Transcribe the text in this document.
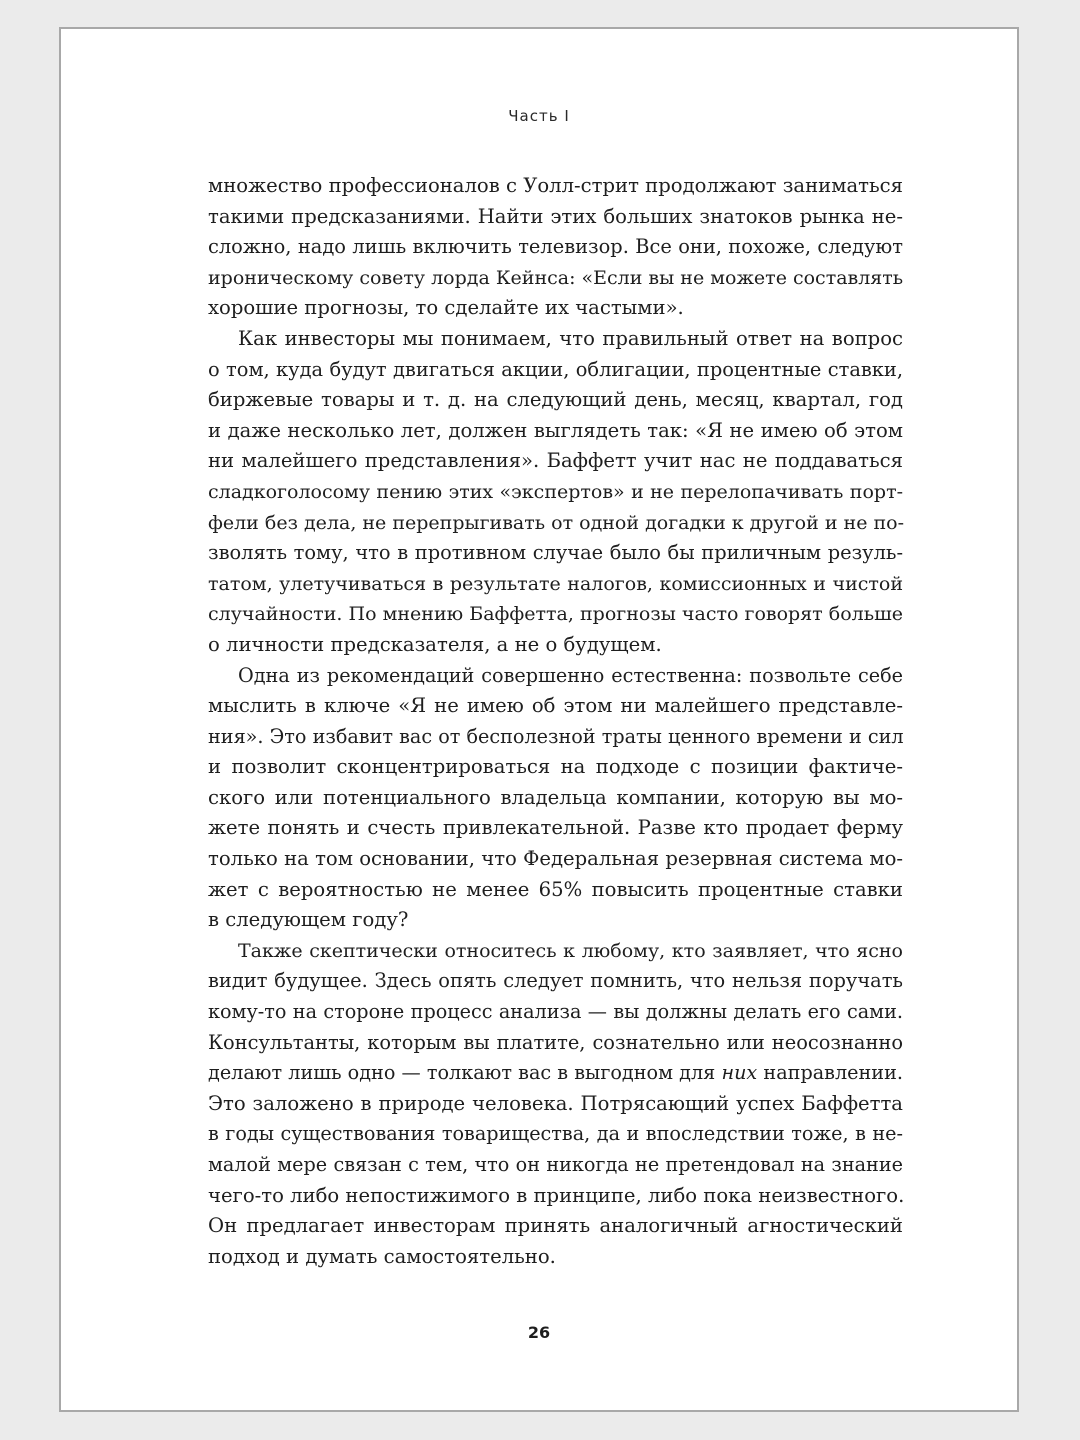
Часть I
множество профессионалов с Уолл-стрит продолжают заниматься
такими предсказаниями. Найти этих больших знатоков рынка не-
сложно, надо лишь включить телевизор. Все они, похоже, следуют
ироническому совету лорда Кейнса: «Если вы не можете составлять
хорошие прогнозы, то сделайте их частыми».
Как инвесторы мы понимаем, что правильный ответ на вопрос
о том, куда будут двигаться акции, облигации, процентные ставки,
биржевые товары и т. д. на следующий день, месяц, квартал, год
и даже несколько лет, должен выглядеть так: «Я не имею об этом
ни малейшего представления». Баффетт учит нас не поддаваться
сладкоголосому пению этих «экспертов» и не перелопачивать порт-
фели без дела, не перепрыгивать от одной догадки к другой и не по-
зволять тому, что в противном случае было бы приличным резуль-
татом, улетучиваться в результате налогов, комиссионных и чистой
случайности. По мнению Баффетта, прогнозы часто говорят больше
о личности предсказателя, а не о будущем.
Одна из рекомендаций совершенно естественна: позвольте себе
мыслить в ключе «Я не имею об этом ни малейшего представле-
ния». Это избавит вас от бесполезной траты ценного времени и сил
и позволит сконцентрироваться на подходе с позиции фактиче-
ского или потенциального владельца компании, которую вы мо-
жете понять и счесть привлекательной. Разве кто продает ферму
только на том основании, что Федеральная резервная система мо-
жет с вероятностью не менее 65% повысить процентные ставки
в следующем году?
Также скептически относитесь к любому, кто заявляет, что ясно
видит будущее. Здесь опять следует помнить, что нельзя поручать
кому-то на стороне процесс анализа — вы должны делать его сами.
Консультанты, которым вы платите, сознательно или неосознанно
делают лишь одно — толкают вас в выгодном для них направлении.
Это заложено в природе человека. Потрясающий успех Баффетта
в годы существования товарищества, да и впоследствии тоже, в не-
малой мере связан с тем, что он никогда не претендовал на знание
чего-то либо непостижимого в принципе, либо пока неизвестного.
Он предлагает инвесторам принять аналогичный агностический
подход и думать самостоятельно.
26
